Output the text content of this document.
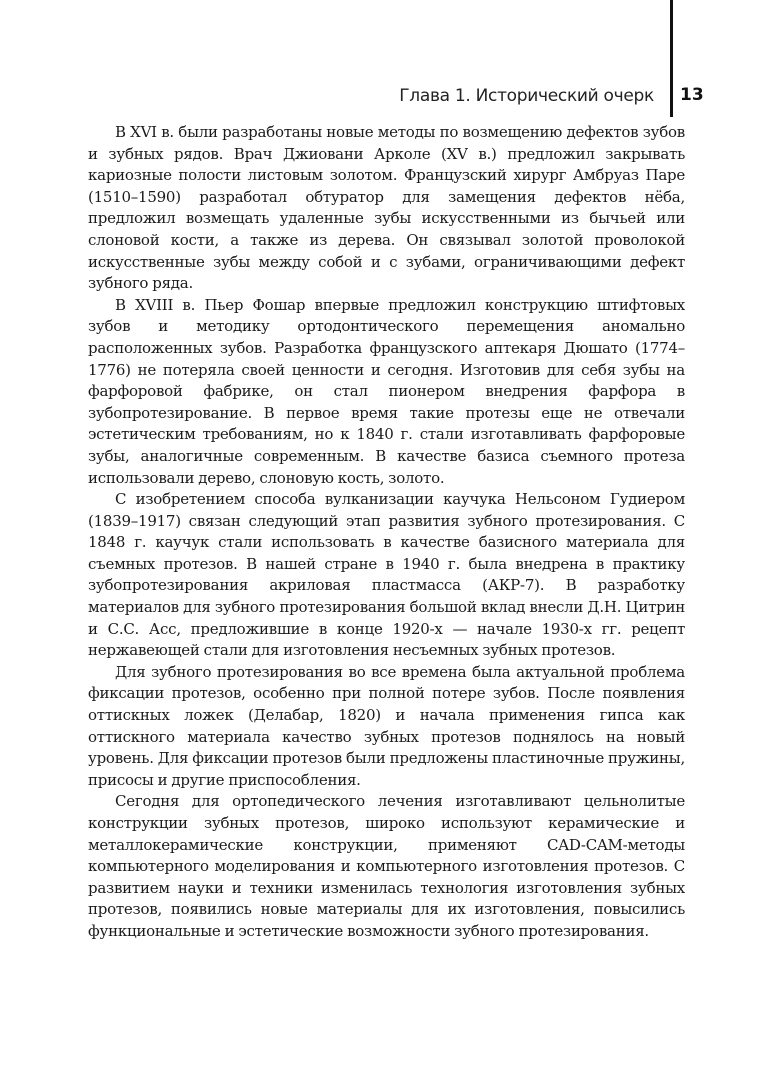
Глава 1. Исторический очерк 13

В XVI в. были разработаны новые методы по возмещению дефектов зубов и зубных рядов. Врач Джиовани Арколе (XV в.) предложил закрывать кариозные полости листовым золотом. Французский хирург Амбруаз Паре (1510–1590) разработал обтуратор для замещения дефектов нёба, предложил возмещать удаленные зубы искусственными из бычьей или слоновой кости, а также из дерева. Он связывал золотой проволокой искусственные зубы между собой и с зубами, ограничивающими дефект зубного ряда.

В XVIII в. Пьер Фошар впервые предложил конструкцию штифтовых зубов и методику ортодонтического перемещения аномально расположенных зубов. Разработка французского аптекаря Дюшато (1774–1776) не потеряла своей ценности и сегодня. Изготовив для себя зубы на фарфоровой фабрике, он стал пионером внедрения фарфора в зубопротезирование. В первое время такие протезы еще не отвечали эстетическим требованиям, но к 1840 г. стали изготавливать фарфоровые зубы, аналогичные современным. В качестве базиса съемного протеза использовали дерево, слоновую кость, золото.

С изобретением способа вулканизации каучука Нельсоном Гудиером (1839–1917) связан следующий этап развития зубного протезирования. С 1848 г. каучук стали использовать в качестве базисного материала для съемных протезов. В нашей стране в 1940 г. была внедрена в практику зубопротезирования акриловая пластмасса (АКР-7). В разработку материалов для зубного протезирования большой вклад внесли Д.Н. Цитрин и С.С. Асс, предложившие в конце 1920-х — начале 1930-х гг. рецепт нержавеющей стали для изготовления несъемных зубных протезов.

Для зубного протезирования во все времена была актуальной проблема фиксации протезов, особенно при полной потере зубов. После появления оттискных ложек (Делабар, 1820) и начала применения гипса как оттискного материала качество зубных протезов поднялось на новый уровень. Для фиксации протезов были предложены пластиночные пружины, присосы и другие приспособления.

Сегодня для ортопедического лечения изготавливают цельнолитые конструкции зубных протезов, широко используют керамические и металлокерамические конструкции, применяют CAD-CAM-методы компьютерного моделирования и компьютерного изготовления протезов. С развитием науки и техники изменилась технология изготовления зубных протезов, появились новые материалы для их изготовления, повысились функциональные и эстетические возможности зубного протезирования.
